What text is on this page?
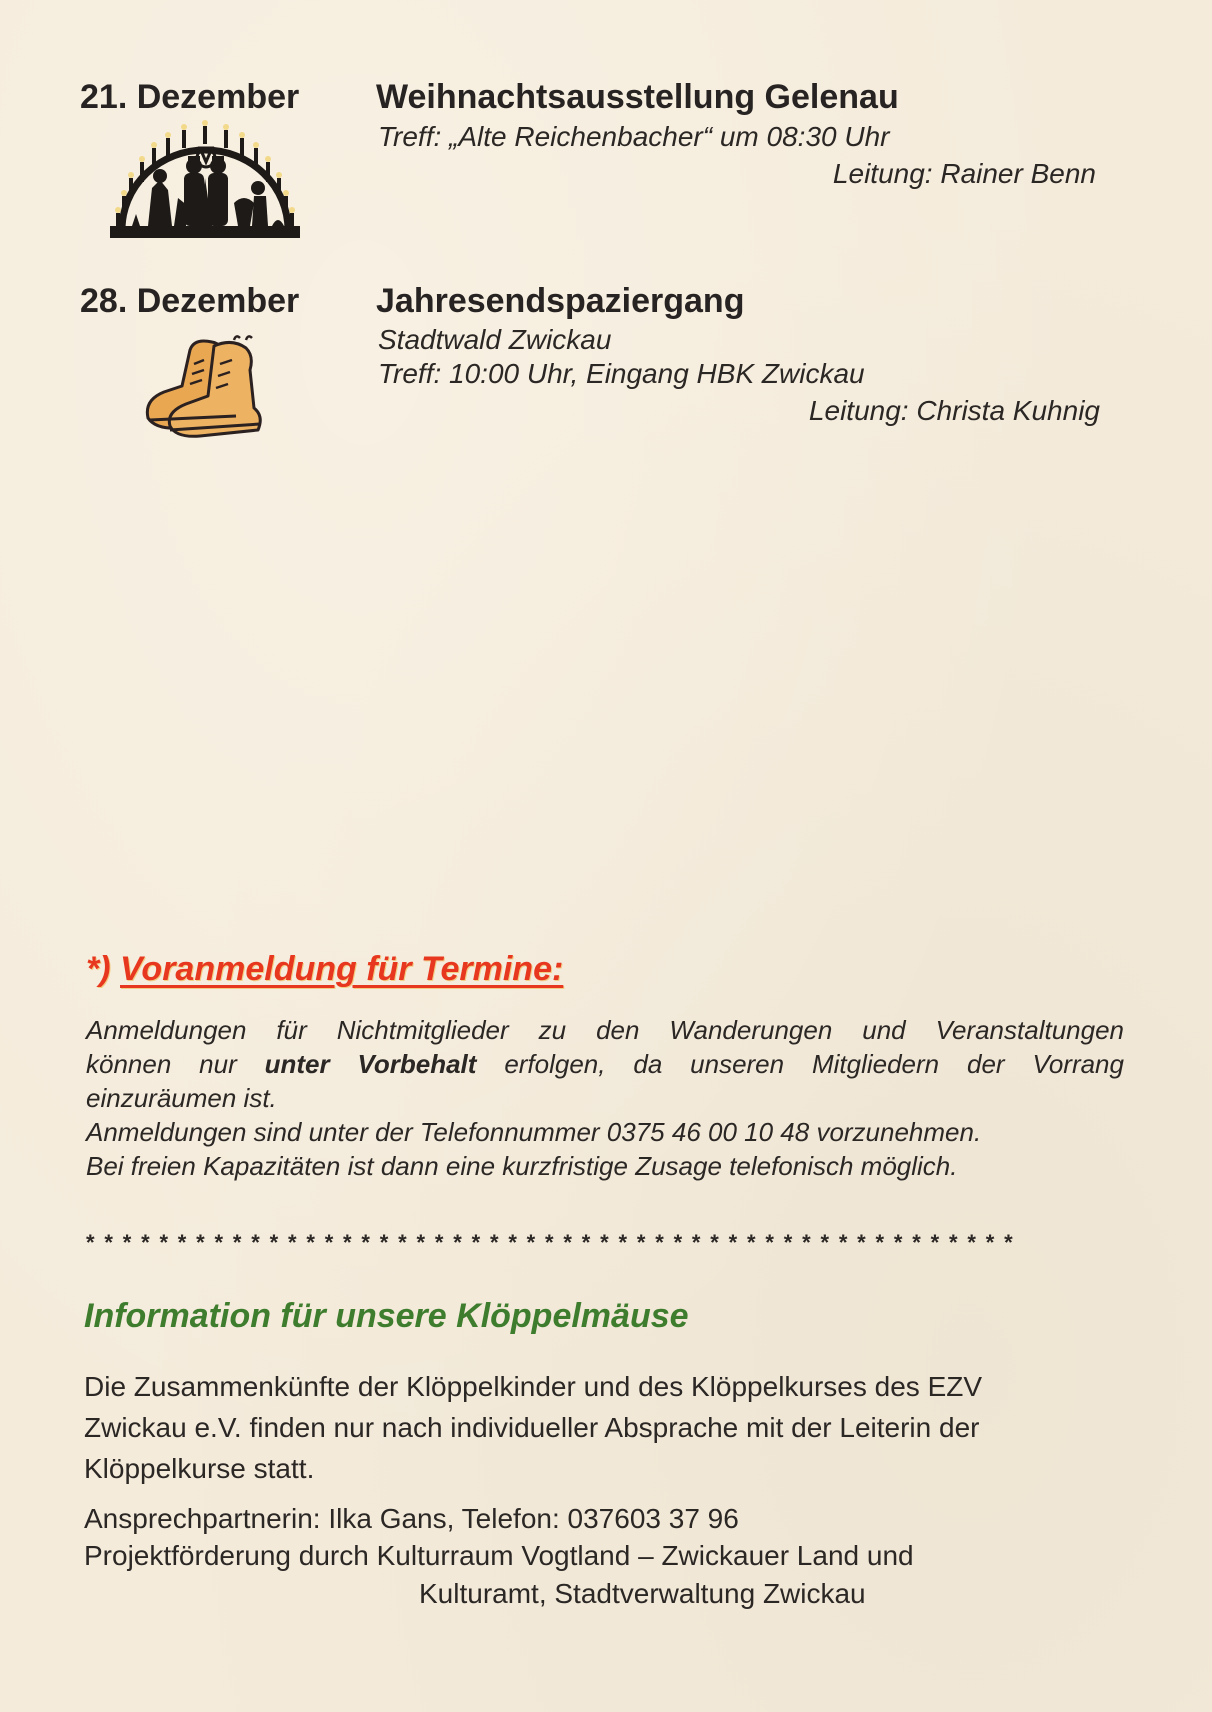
21. Dezember Weihnachtsausstellung Gelenau
Treff: „Alte Reichenbacher“ um 08:30 Uhr
Leitung: Rainer Benn
28. Dezember Jahresendspaziergang
Stadtwald Zwickau
Treff: 10:00 Uhr, Eingang HBK Zwickau
Leitung: Christa Kuhnig
*) Voranmeldung für Termine:
Anmeldungen für Nichtmitglieder zu den Wanderungen und Veranstaltungen
können nur unter Vorbehalt erfolgen, da unseren Mitgliedern der Vorrang
einzuräumen ist.
Anmeldungen sind unter der Telefonnummer 0375 46 00 10 48 vorzunehmen.
Bei freien Kapazitäten ist dann eine kurzfristige Zusage telefonisch möglich.
***************************************************
Information für unsere Klöppelmäuse
Die Zusammenkünfte der Klöppelkinder und des Klöppelkurses des EZV
Zwickau e.V. finden nur nach individueller Absprache mit der Leiterin der
Klöppelkurse statt.
Ansprechpartnerin: Ilka Gans, Telefon: 037603 37 96
Projektförderung durch Kulturraum Vogtland – Zwickauer Land und
Kulturamt, Stadtverwaltung Zwickau
